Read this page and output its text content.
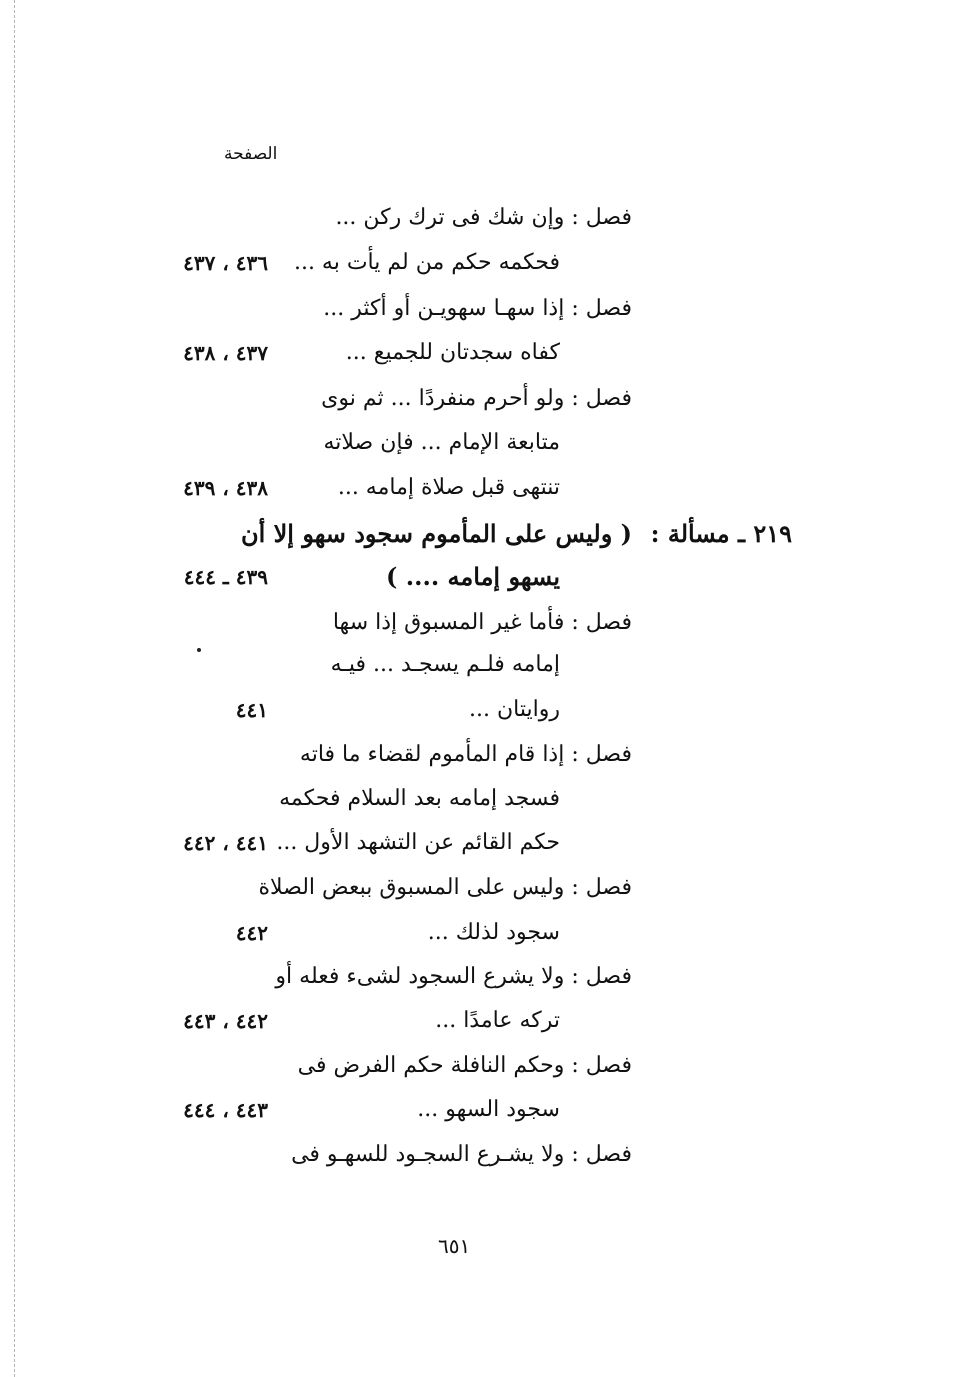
الصفحة
فصل : وإن شك فى ترك ركن ...
فحكمه حكم من لم يأت به ...
٤٣٦ ، ٤٣٧
فصل : إذا سهـا سهويـن أو أكثر ...
كفاه سجدتان للجميع ...
٤٣٧ ، ٤٣٨
فصل : ولو أحرم منفردًا ... ثم نوى
متابعة الإمام ... فإن صلاته
تنتهى قبل صلاة إمامه ...
٤٣٨ ، ٤٣٩
٢١٩ ـ مسألة :
( وليس على المأموم سجود سهو إلا أن
يسهو إمامه .... )
٤٣٩ ـ ٤٤٤
فصل : فأما غير المسبوق إذا سها
إمامه فلـم يسجـد ... فيـه
روايتان ...
٤٤١
فصل : إذا قام المأموم لقضاء ما فاته
فسجد إمامه بعد السلام فحكمه
حكم القائم عن التشهد الأول ...
٤٤١ ، ٤٤٢
فصل : وليس على المسبوق ببعض الصلاة
سجود لذلك ...
٤٤٢
فصل : ولا يشرع السجود لشىء فعله أو
تركه عامدًا ...
٤٤٢ ، ٤٤٣
فصل : وحكم النافلة حكم الفرض فى
سجود السهو ...
٤٤٣ ، ٤٤٤
فصل : ولا يشـرع السجـود للسهـو فى
٦٥١
